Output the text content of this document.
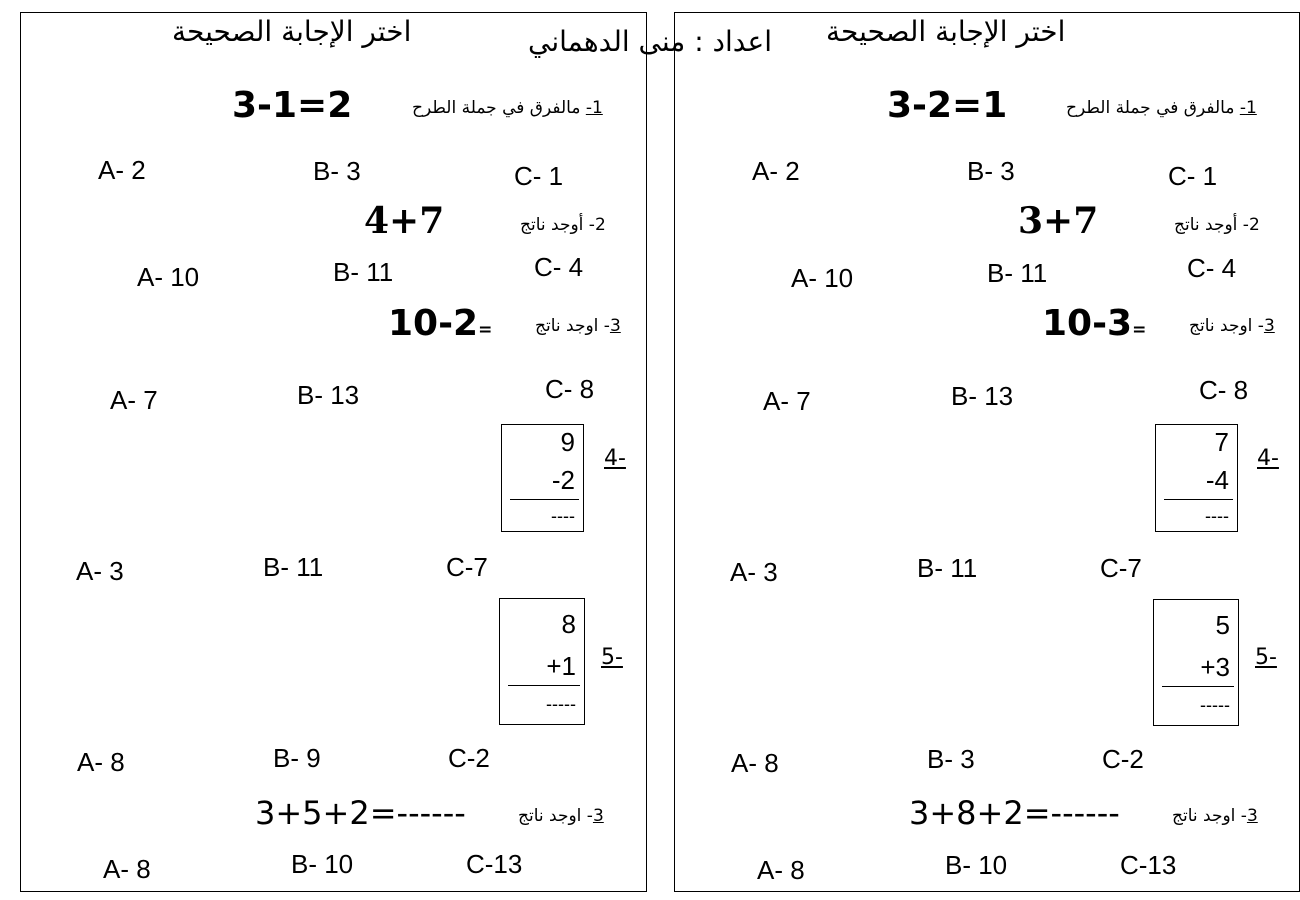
اختر الإجابة الصحيحة	اعداد : منى الدهماني اختر الإجابة الصحيحة
3-1=2	1- مالفرق في جملة الطرح
A- 2	B- 3	C- 1
4+7	2- أوجد ناتج
A- 10	B- 11	C- 4
10-2=	3- اوجد ناتج
A- 7	B- 13	C- 8
9
-2
----
4-
A- 3	B- 11	C-7
8
+1
-----
5-
A- 8	B- 9	C-2
3+5+2=------	3- اوجد ناتج
A- 8	B- 10	C-13
3-2=1	1- مالفرق في جملة الطرح
A- 2	B- 3	C- 1
3+7	2- أوجد ناتج
A- 10	B- 11	C- 4
10-3=	3- اوجد ناتج
A- 7	B- 13	C- 8
7
-4
----
4-
A- 3	B- 11	C-7
5
+3
-----
5-
A- 8	B- 3	C-2
3+8+2=------	3- اوجد ناتج
A- 8	B- 10	C-13
